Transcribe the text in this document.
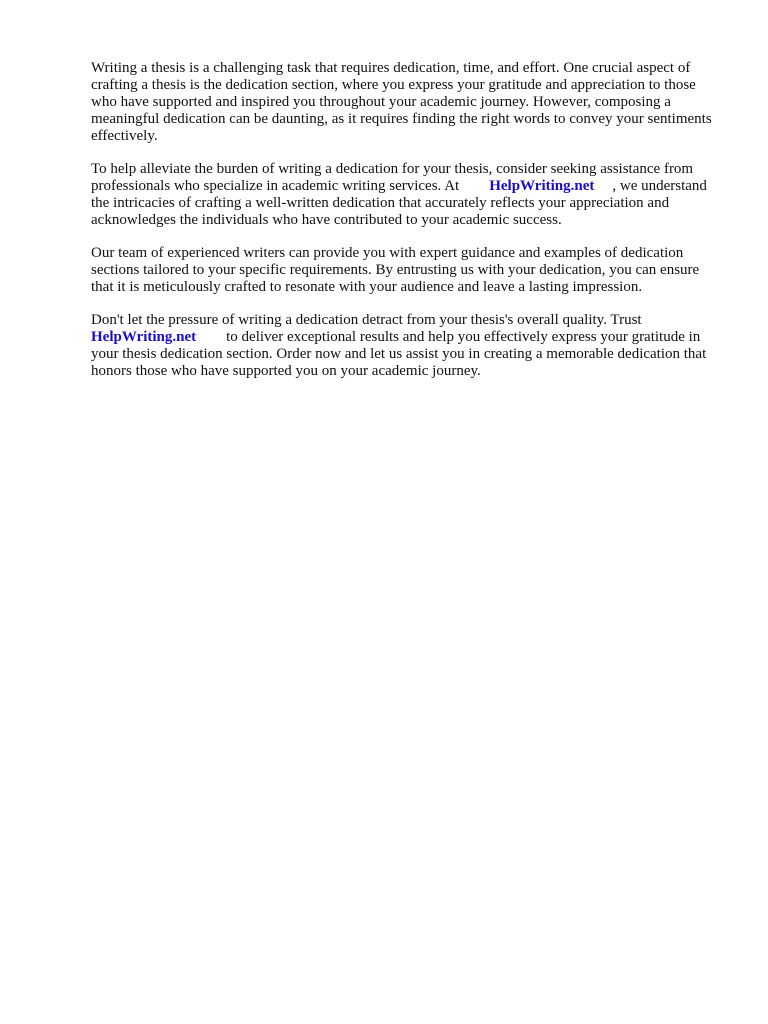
Writing a thesis is a challenging task that requires dedication, time, and effort. One crucial aspect of crafting a thesis is the dedication section, where you express your gratitude and appreciation to those who have supported and inspired you throughout your academic journey. However, composing a meaningful dedication can be daunting, as it requires finding the right words to convey your sentiments effectively.

To help alleviate the burden of writing a dedication for your thesis, consider seeking assistance from professionals who specialize in academic writing services. At HelpWriting.net , we understand the intricacies of crafting a well-written dedication that accurately reflects your appreciation and acknowledges the individuals who have contributed to your academic success.

Our team of experienced writers can provide you with expert guidance and examples of dedication sections tailored to your specific requirements. By entrusting us with your dedication, you can ensure that it is meticulously crafted to resonate with your audience and leave a lasting impression.

Don't let the pressure of writing a dedication detract from your thesis's overall quality. Trust HelpWriting.net to deliver exceptional results and help you effectively express your gratitude in your thesis dedication section. Order now and let us assist you in creating a memorable dedication that honors those who have supported you on your academic journey.
